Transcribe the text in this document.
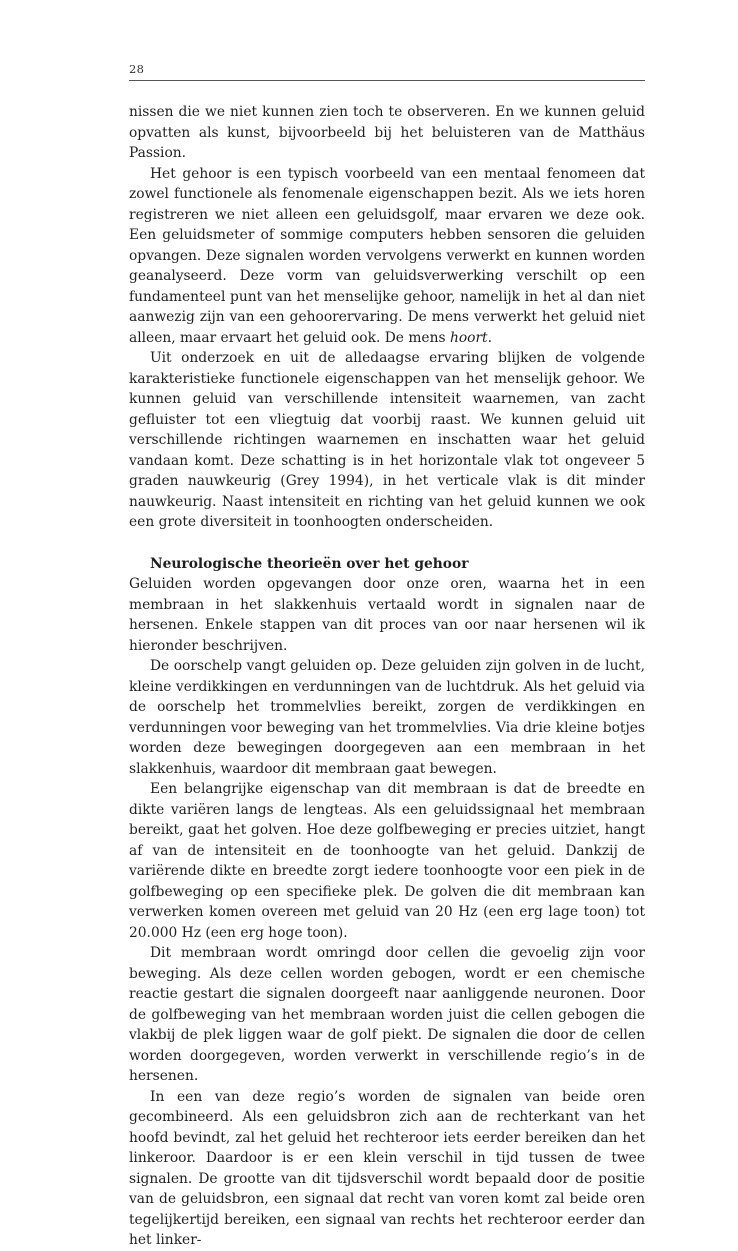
28

nissen die we niet kunnen zien toch te observeren. En we kunnen geluid opvatten als kunst, bijvoorbeeld bij het beluisteren van de Matthäus Passion.

Het gehoor is een typisch voorbeeld van een mentaal fenomeen dat zowel functionele als fenomenale eigenschappen bezit. Als we iets horen registreren we niet alleen een geluidsgolf, maar ervaren we deze ook. Een geluidsmeter of sommige computers hebben sensoren die geluiden opvangen. Deze signalen worden vervolgens verwerkt en kunnen worden geanalyseerd. Deze vorm van geluidsverwerking verschilt op een fundamenteel punt van het menselijke gehoor, namelijk in het al dan niet aanwezig zijn van een gehoorervaring. De mens verwerkt het geluid niet alleen, maar ervaart het geluid ook. De mens hoort.

Uit onderzoek en uit de alledaagse ervaring blijken de volgende karakteristieke functionele eigenschappen van het menselijk gehoor. We kunnen geluid van verschillende intensiteit waarnemen, van zacht gefluister tot een vliegtuig dat voorbij raast. We kunnen geluid uit verschillende richtingen waarnemen en inschatten waar het geluid vandaan komt. Deze schatting is in het horizontale vlak tot ongeveer 5 graden nauwkeurig (Grey 1994), in het verticale vlak is dit minder nauwkeurig. Naast intensiteit en richting van het geluid kunnen we ook een grote diversiteit in toonhoogten onderscheiden.

Neurologische theorieën over het gehoor

Geluiden worden opgevangen door onze oren, waarna het in een membraan in het slakkenhuis vertaald wordt in signalen naar de hersenen. Enkele stappen van dit proces van oor naar hersenen wil ik hieronder beschrijven.

De oorschelp vangt geluiden op. Deze geluiden zijn golven in de lucht, kleine verdikkingen en verdunningen van de luchtdruk. Als het geluid via de oorschelp het trommelvlies bereikt, zorgen de verdikkingen en verdunningen voor beweging van het trommelvlies. Via drie kleine botjes worden deze bewegingen doorgegeven aan een membraan in het slakkenhuis, waardoor dit membraan gaat bewegen.

Een belangrijke eigenschap van dit membraan is dat de breedte en dikte variëren langs de lengteas. Als een geluidssignaal het membraan bereikt, gaat het golven. Hoe deze golfbeweging er precies uitziet, hangt af van de intensiteit en de toonhoogte van het geluid. Dankzij de variërende dikte en breedte zorgt iedere toonhoogte voor een piek in de golfbeweging op een specifieke plek. De golven die dit membraan kan verwerken komen overeen met geluid van 20 Hz (een erg lage toon) tot 20.000 Hz (een erg hoge toon).

Dit membraan wordt omringd door cellen die gevoelig zijn voor beweging. Als deze cellen worden gebogen, wordt er een chemische reactie gestart die signalen doorgeeft naar aanliggende neuronen. Door de golfbeweging van het membraan worden juist die cellen gebogen die vlakbij de plek liggen waar de golf piekt. De signalen die door de cellen worden doorgegeven, worden verwerkt in verschillende regio’s in de hersenen.

In een van deze regio’s worden de signalen van beide oren gecombineerd. Als een geluidsbron zich aan de rechterkant van het hoofd bevindt, zal het geluid het rechteroor iets eerder bereiken dan het linkeroor. Daardoor is er een klein verschil in tijd tussen de twee signalen. De grootte van dit tijdsverschil wordt bepaald door de positie van de geluidsbron, een signaal dat recht van voren komt zal beide oren tegelijkertijd bereiken, een signaal van rechts het rechteroor eerder dan het linker-
